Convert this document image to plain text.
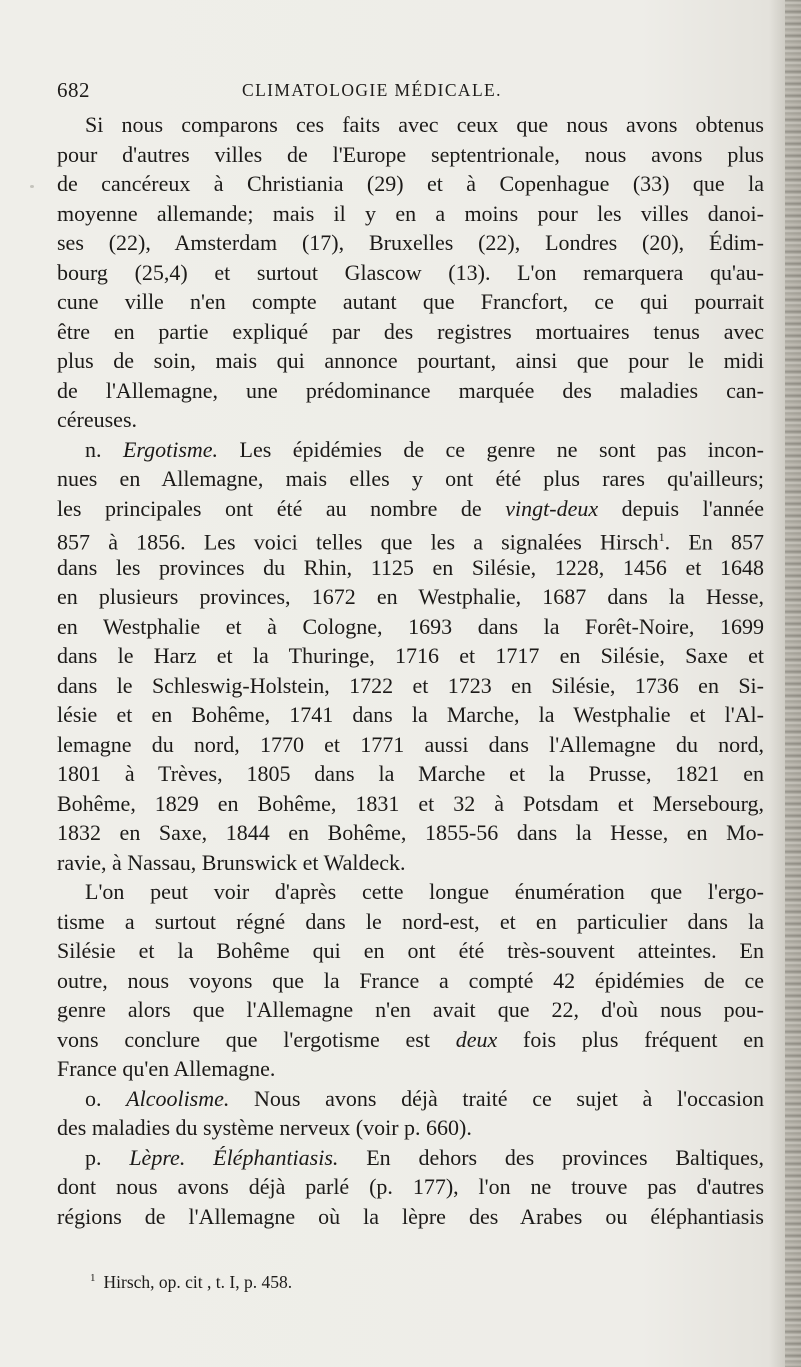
682	CLIMATOLOGIE MÉDICALE.
Si nous comparons ces faits avec ceux que nous avons obtenus
pour d'autres villes de l'Europe septentrionale, nous avons plus
de cancéreux à Christiania (29) et à Copenhague (33) que la
moyenne allemande; mais il y en a moins pour les villes danoi-
ses (22), Amsterdam (17), Bruxelles (22), Londres (20), Édim-
bourg (25,4) et surtout Glascow (13). L'on remarquera qu'au-
cune ville n'en compte autant que Francfort, ce qui pourrait
être en partie expliqué par des registres mortuaires tenus avec
plus de soin, mais qui annonce pourtant, ainsi que pour le midi
de l'Allemagne, une prédominance marquée des maladies can-
céreuses.
n. Ergotisme. Les épidémies de ce genre ne sont pas incon-
nues en Allemagne, mais elles y ont été plus rares qu'ailleurs;
les principales ont été au nombre de vingt-deux depuis l'année
857 à 1856. Les voici telles que les a signalées Hirsch$^1$. En 857
dans les provinces du Rhin, 1125 en Silésie, 1228, 1456 et 1648
en plusieurs provinces, 1672 en Westphalie, 1687 dans la Hesse,
en Westphalie et à Cologne, 1693 dans la Forêt-Noire, 1699
dans le Harz et la Thuringe, 1716 et 1717 en Silésie, Saxe et
dans le Schleswig-Holstein, 1722 et 1723 en Silésie, 1736 en Si-
lésie et en Bohême, 1741 dans la Marche, la Westphalie et l'Al-
lemagne du nord, 1770 et 1771 aussi dans l'Allemagne du nord,
1801 à Trèves, 1805 dans la Marche et la Prusse, 1821 en
Bohême, 1829 en Bohême, 1831 et 32 à Potsdam et Mersebourg,
1832 en Saxe, 1844 en Bohême, 1855-56 dans la Hesse, en Mo-
ravie, à Nassau, Brunswick et Waldeck.
L'on peut voir d'après cette longue énumération que l'ergo-
tisme a surtout régné dans le nord-est, et en particulier dans la
Silésie et la Bohême qui en ont été très-souvent atteintes. En
outre, nous voyons que la France a compté 42 épidémies de ce
genre alors que l'Allemagne n'en avait que 22, d'où nous pou-
vons conclure que l'ergotisme est deux fois plus fréquent en
France qu'en Allemagne.
o. Alcoolisme. Nous avons déjà traité ce sujet à l'occasion
des maladies du système nerveux (voir p. 660).
p. Lèpre. Éléphantiasis. En dehors des provinces Baltiques,
dont nous avons déjà parlé (p. 177), l'on ne trouve pas d'autres
régions de l'Allemagne où la lèpre des Arabes ou éléphantiasis
$^1$ Hirsch, op. cit , t. I, p. 458.
